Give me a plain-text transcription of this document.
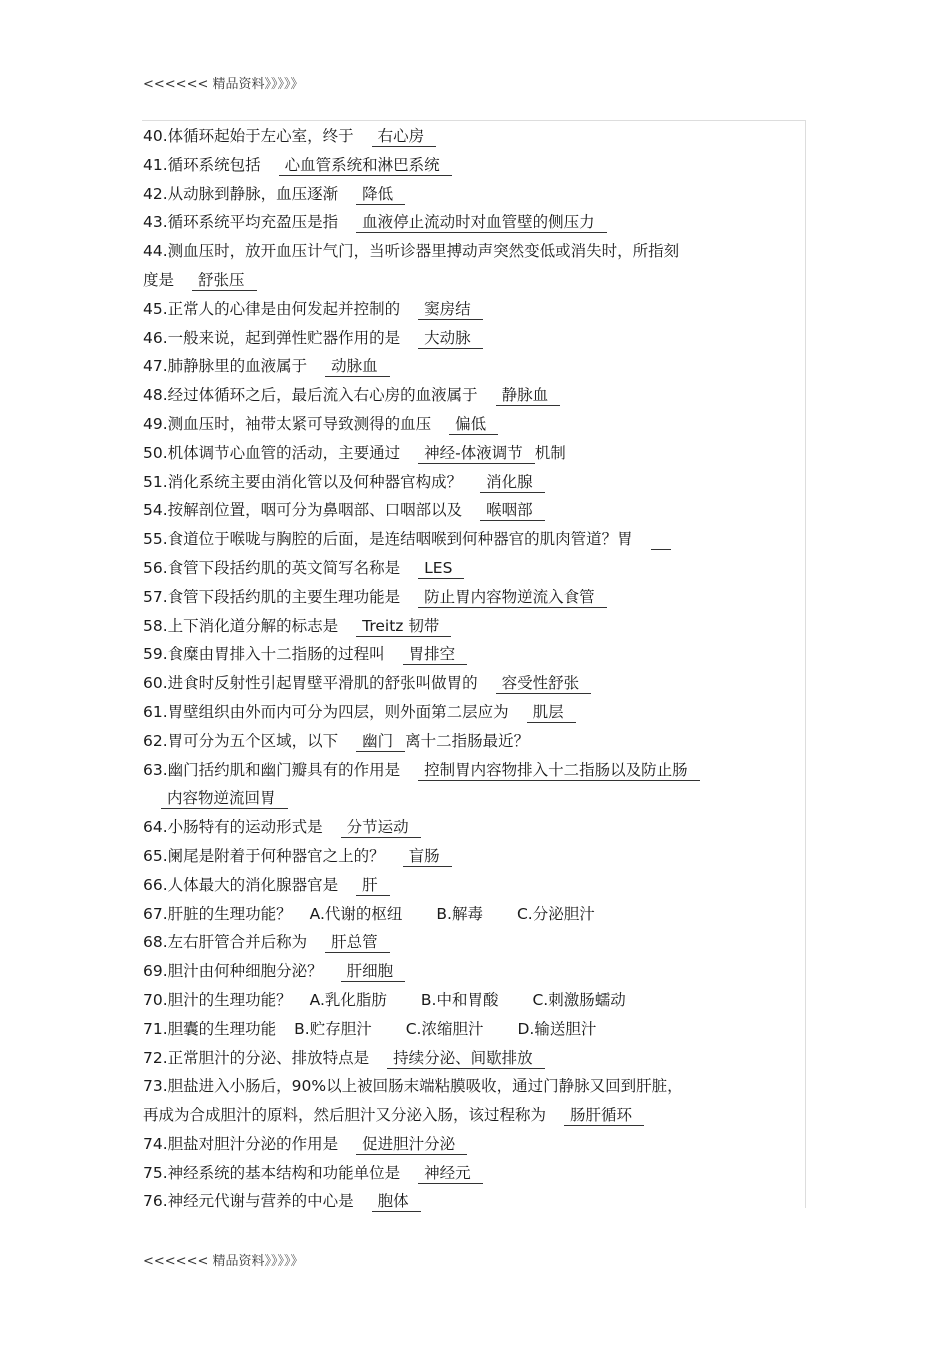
<<<<<< 精品资料》》》》》
40.体循环起始于左心室，终于 右心房
41.循环系统包括 心血管系统和淋巴系统
42.从动脉到静脉，血压逐渐 降低
43.循环系统平均充盈压是指 血液停止流动时对血管壁的侧压力
44.测血压时，放开血压计气门，当听诊器里搏动声突然变低或消失时，所指刻
度是 舒张压
45.正常人的心律是由何发起并控制的 窦房结
46.一般来说，起到弹性贮器作用的是 大动脉
47.肺静脉里的血液属于 动脉血
48.经过体循环之后，最后流入右心房的血液属于 静脉血
49.测血压时，袖带太紧可导致测得的血压 偏低
50.机体调节心血管的活动，主要通过 神经-体液调节 机制
51.消化系统主要由消化管以及何种器官构成？ 消化腺
54.按解剖位置，咽可分为鼻咽部、口咽部以及 喉咽部
55.食道位于喉咙与胸腔的后面，是连结咽喉到何种器官的肌肉管道？胃
56.食管下段括约肌的英文简写名称是 LES
57.食管下段括约肌的主要生理功能是 防止胃内容物逆流入食管
58.上下消化道分解的标志是 Treitz 韧带
59.食糜由胃排入十二指肠的过程叫 胃排空
60.进食时反射性引起胃壁平滑肌的舒张叫做胃的 容受性舒张
61.胃壁组织由外而内可分为四层，则外面第二层应为 肌层
62.胃可分为五个区域，以下 幽门 离十二指肠最近？
63.幽门括约肌和幽门瓣具有的作用是 控制胃内容物排入十二指肠以及防止肠
内容物逆流回胃
64.小肠特有的运动形式是 分节运动
65.阑尾是附着于何种器官之上的？ 盲肠
66.人体最大的消化腺器官是 肝
67.肝脏的生理功能？ A.代谢的枢纽 B.解毒 C.分泌胆汁
68.左右肝管合并后称为 肝总管
69.胆汁由何种细胞分泌？ 肝细胞
70.胆汁的生理功能？ A.乳化脂肪 B.中和胃酸 C.刺激肠蠕动
71.胆囊的生理功能 B.贮存胆汁 C.浓缩胆汁 D.输送胆汁
72.正常胆汁的分泌、排放特点是 持续分泌、间歇排放
73.胆盐进入小肠后，90%以上被回肠末端粘膜吸收，通过门静脉又回到肝脏，
再成为合成胆汁的原料，然后胆汁又分泌入肠，该过程称为 肠肝循环
74.胆盐对胆汁分泌的作用是 促进胆汁分泌
75.神经系统的基本结构和功能单位是 神经元
76.神经元代谢与营养的中心是 胞体
<<<<<< 精品资料》》》》》
